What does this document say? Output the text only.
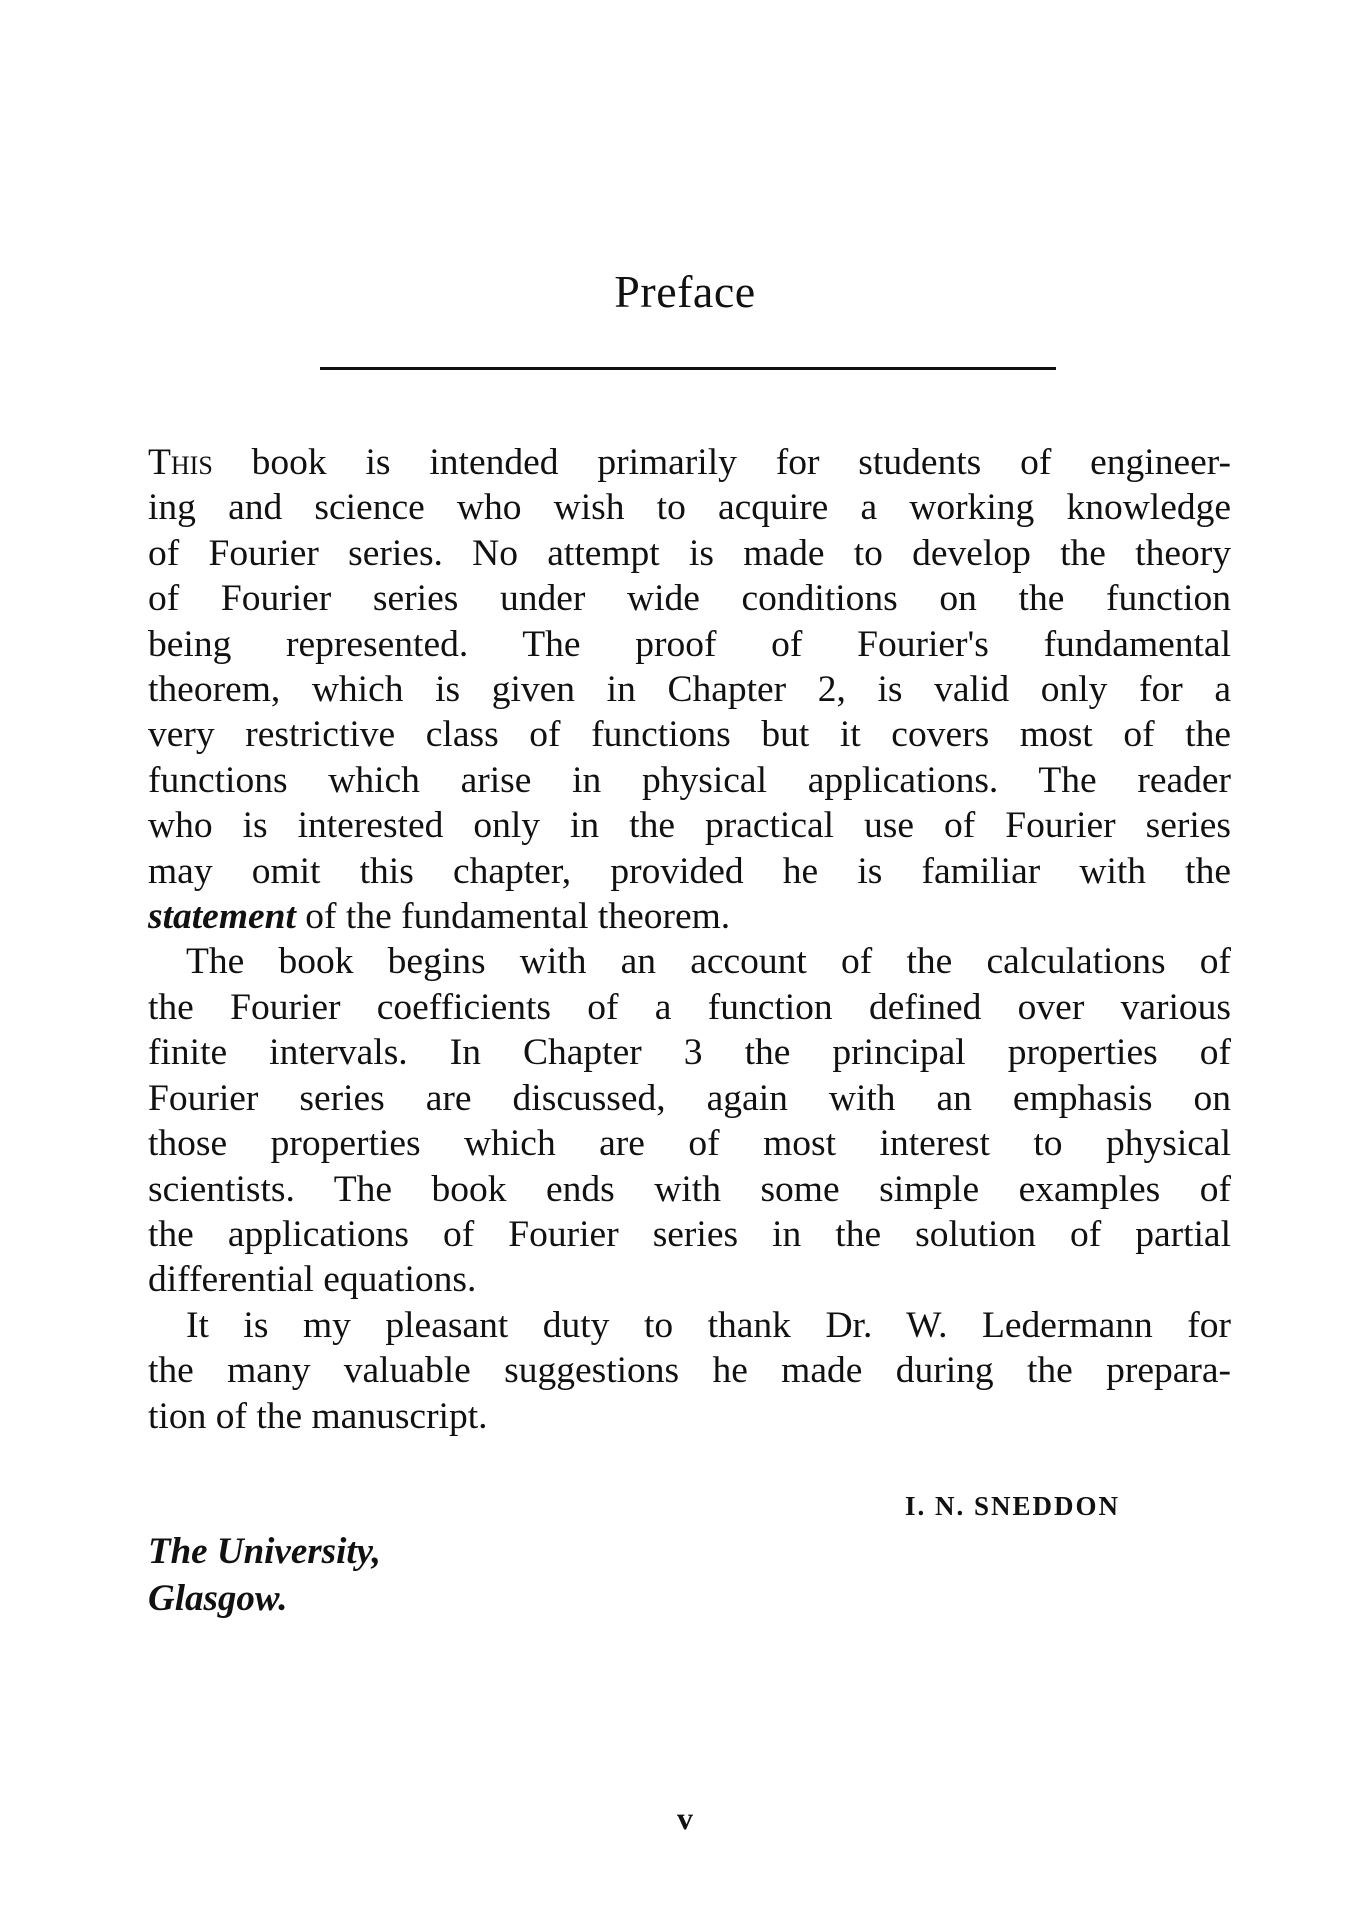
Preface
This book is intended primarily for students of engineer-
ing and science who wish to acquire a working knowledge
of Fourier series. No attempt is made to develop the theory
of Fourier series under wide conditions on the function
being represented. The proof of Fourier's fundamental
theorem, which is given in Chapter 2, is valid only for a
very restrictive class of functions but it covers most of the
functions which arise in physical applications. The reader
who is interested only in the practical use of Fourier series
may omit this chapter, provided he is familiar with the
statement of the fundamental theorem.
The book begins with an account of the calculations of
the Fourier coefficients of a function defined over various
finite intervals. In Chapter 3 the principal properties of
Fourier series are discussed, again with an emphasis on
those properties which are of most interest to physical
scientists. The book ends with some simple examples of
the applications of Fourier series in the solution of partial
differential equations.
It is my pleasant duty to thank Dr. W. Ledermann for
the many valuable suggestions he made during the prepara-
tion of the manuscript.
I. N. SNEDDON
The University,
Glasgow.
v
